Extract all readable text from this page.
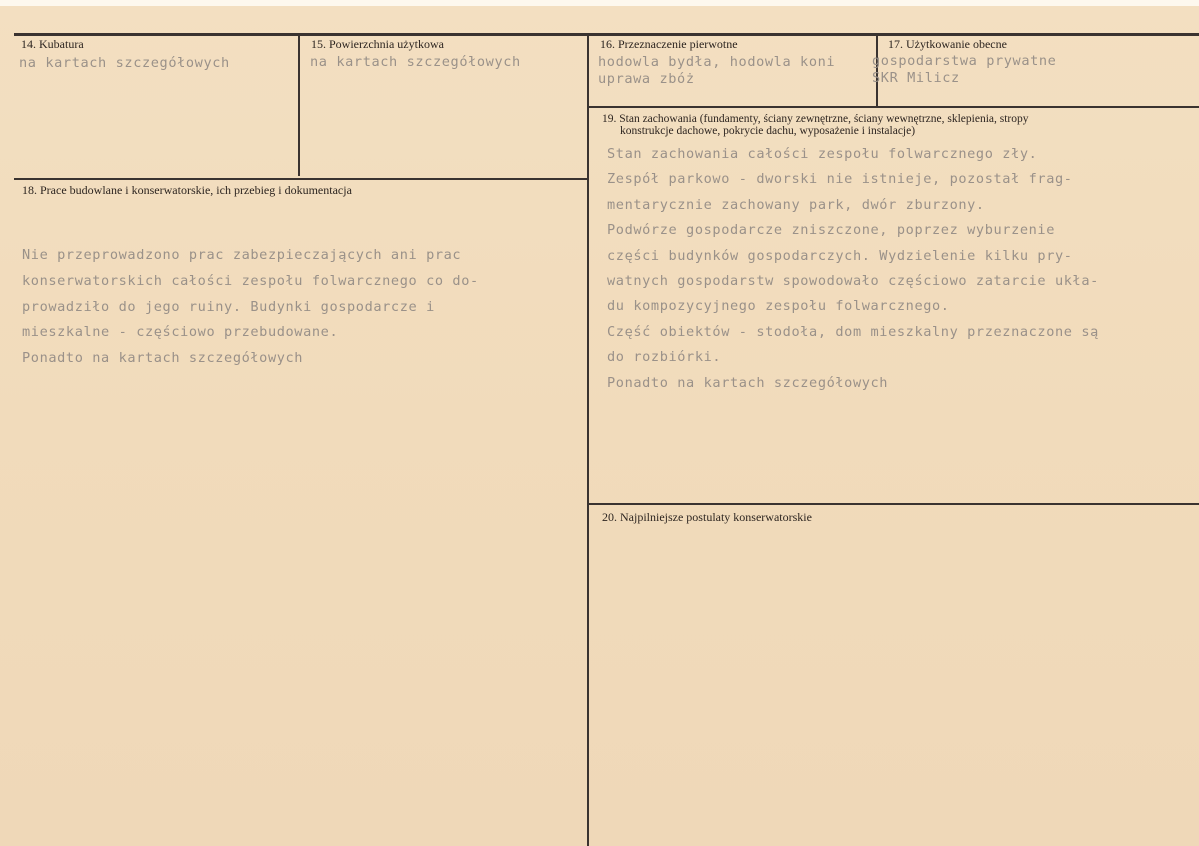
14. Kubatura
na kartach szczegółowych
15. Powierzchnia użytkowa
na kartach szczegółowych
16. Przeznaczenie pierwotne
hodowla bydła, hodowla koni
uprawa zbóż
17. Użytkowanie obecne
gospodarstwa prywatne
SKR Milicz
19. Stan zachowania (fundamenty, ściany zewnętrzne, ściany wewnętrzne, sklepienia, stropy
konstrukcje dachowe, pokrycie dachu, wyposażenie i instalacje)
Stan zachowania całości zespołu folwarcznego zły.
Zespół parkowo - dworski nie istnieje, pozostał frag-
mentarycznie zachowany park, dwór zburzony.
Podwórze gospodarcze zniszczone, poprzez wyburzenie
części budynków gospodarczych. Wydzielenie kilku pry-
watnych gospodarstw spowodowało częściowo zatarcie ukła-
du kompozycyjnego zespołu folwarcznego.
Część obiektów - stodoła, dom mieszkalny przeznaczone są
do rozbiórki.
Ponadto na kartach szczegółowych
18. Prace budowlane i konserwatorskie, ich przebieg i dokumentacja
Nie przeprowadzono prac zabezpieczających ani prac
konserwatorskich całości zespołu folwarcznego co do-
prowadziło do jego ruiny. Budynki gospodarcze i
mieszkalne - częściowo przebudowane.
Ponadto na kartach szczegółowych
20. Najpilniejsze postulaty konserwatorskie
